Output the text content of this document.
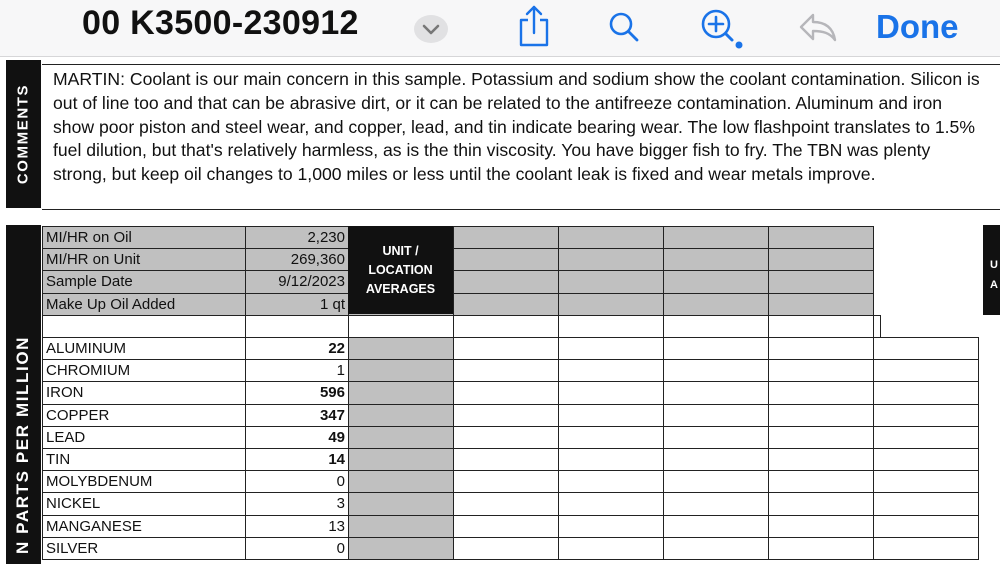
00 K3500-230912	Done
COMMENTS
MARTIN: Coolant is our main concern in this sample. Potassium and sodium show the coolant contamination. Silicon is out of line too and that can be abrasive dirt, or it can be related to the antifreeze contamination. Aluminum and iron show poor piston and steel wear, and copper, lead, and tin indicate bearing wear. The low flashpoint translates to 1.5% fuel dilution, but that's relatively harmless, as is the thin viscosity. You have bigger fish to fry. The TBN was plenty strong, but keep oil changes to 1,000 miles or less until the coolant leak is fixed and wear metals improve.
N PARTS PER MILLION
MI/HR on Oil	2,230						
MI/HR on Unit	269,360						
Sample Date	9/12/2023						
Make Up Oil Added	1 qt						

ALUMINUM	22						
CHROMIUM	1						
IRON	596						
COPPER	347						
LEAD	49						
TIN	14						
MOLYBDENUM	0						
NICKEL	3						
MANGANESE	13						
SILVER	0						
UNIT /
LOCATION
AVERAGES
U
A
